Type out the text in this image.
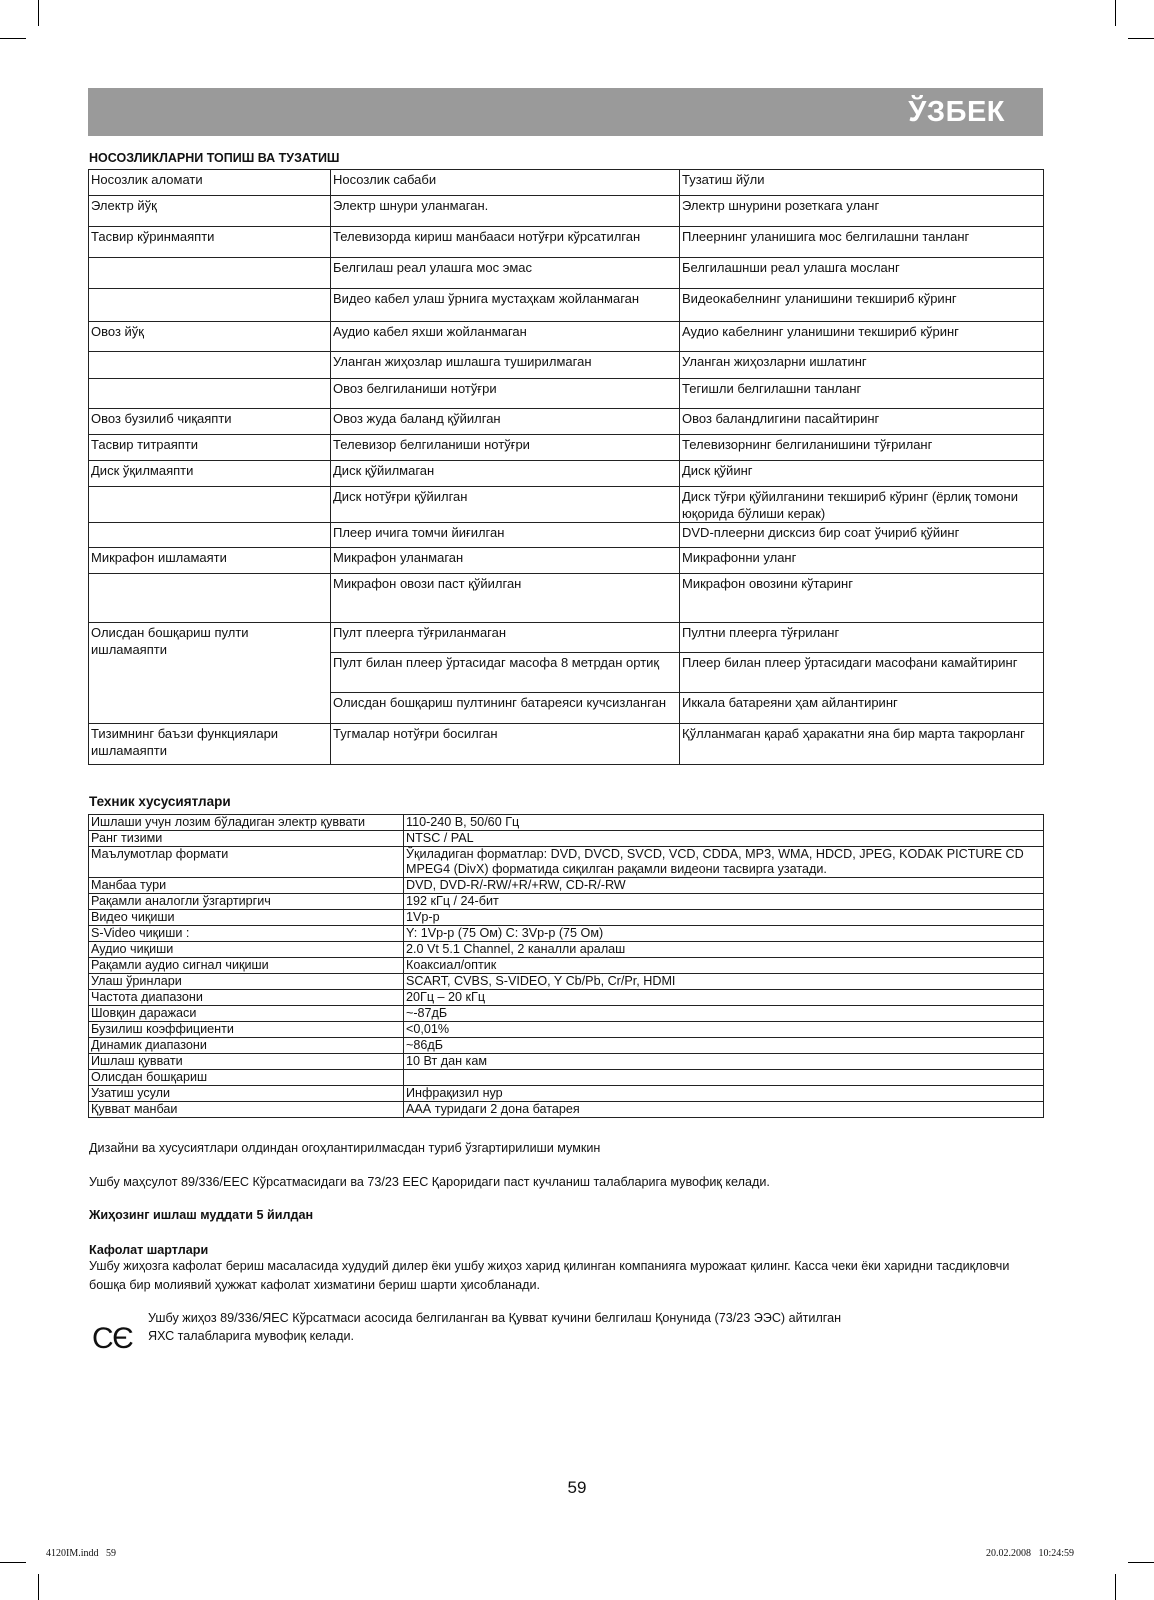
ЎЗБЕК
НОСОЗЛИКЛАРНИ ТОПИШ ВА ТУЗАТИШ
Носозлик аломати	Носозлик сабаби	Тузатиш йўли
Электр йўқ	Электр шнури уланмаган.	Электр шнурини розеткага уланг
Тасвир кўринмаяпти	Телевизорда кириш манбааси нотўғри кўрсатилган	Плеернинг уланишига мос белгилашни танланг
	Белгилаш реал улашга мос эмас	Белгилашнши реал улашга мосланг
	Видео кабел улаш ўрнига мустаҳкам жойланмаган	Видеокабелнинг уланишини текшириб кўринг
Овоз йўқ	Аудио кабел яхши жойланмаган	Аудио кабелнинг уланишини текшириб кўринг
	Уланган жиҳозлар ишлашга туширилмаган	Уланган жиҳозларни ишлатинг
	Овоз белгиланиши нотўғри	Тегишли белгилашни танланг
Овоз бузилиб чиқаяпти	Овоз жуда баланд қўйилган	Овоз баландлигини пасайтиринг
Тасвир титраяпти	Телевизор белгиланиши нотўғри	Телевизорнинг белгиланишини тўғриланг
Диск ўқилмаяпти	Диск қўйилмаган	Диск қўйинг
	Диск нотўғри қўйилган	Диск тўғри қўйилганини текшириб кўринг (ёрлиқ томони юқорида бўлиши керак)
	Плеер ичига томчи йиғилган	DVD-плеерни дисксиз бир соат ўчириб қўйинг
Микрафон ишламаяти	Микрафон уланмаган	Микрафонни уланг
	Микрафон овози паст қўйилган	Микрафон овозини кўтаринг
Олисдан бошқариш пулти ишламаяпти	Пулт плеерга тўғриланмаган	Пултни плеерга тўғриланг
	Пулт билан плеер ўртасидаг масофа 8 метрдан ортиқ	Плеер билан плеер ўртасидаги масофани камайтиринг
	Олисдан бошқариш пултининг батареяси кучсизланган	Иккала батареяни ҳам айлантиринг
Тизимнинг баъзи функциялари ишламаяпти	Тугмалар нотўғри босилган	Қўлланмаган қараб ҳаракатни яна бир марта такрорланг
Техник хусусиятлари
Ишлаши учун лозим бўладиган электр қуввати	110-240 В, 50/60 Гц
Ранг тизими	NTSC / PAL
Маълумотлар формати	Ўқиладиган форматлар: DVD, DVCD, SVCD, VCD, CDDA, MP3, WMA, HDCD, JPEG, KODAK PICTURE CD
MPEG4 (DivX) форматида сиқилган рақамли видеони тасвирга узатади.
Манбаа тури	DVD, DVD-R/-RW/+R/+RW, CD-R/-RW
Рақамли аналогли ўзгартиргич	192 кГц / 24-бит
Видео чиқиши	1Vp-p
S-Video чиқиши :	Y: 1Vp-p (75 Ом) C: 3Vp-p (75 Ом)
Аудио чиқиши	2.0 Vt 5.1 Channel, 2 каналли аралаш
Рақамли аудио сигнал чиқиши	Коаксиал/оптик
Улаш ўринлари	SCART, CVBS, S-VIDEO, Y Cb/Pb, Cr/Pr, HDMI
Частота диапазони	20Гц – 20 кГц
Шовқин даражаси	~-87дБ
Бузилиш коэффициенти	<0,01%
Динамик диапазони	~86дБ
Ишлаш қуввати	10 Вт дан кам
Олисдан бошқариш	
Узатиш усули	Инфрақизил нур
Қувват манбаи	ААА туридаги 2 дона батарея
Дизайни ва хусусиятлари олдиндан огоҳлантирилмасдан туриб ўзгартирилиши мумкин
Ушбу маҳсулот 89/336/EEC Кўрсатмасидаги ва 73/23 EEC Қароридаги паст кучланиш талабларига мувофиқ келади.
Жиҳозинг ишлаш муддати 5 йилдан
Кафолат шартлари
Ушбу жиҳозга кафолат бериш масаласида худудий дилер ёки ушбу жиҳоз харид қилинган компанияга мурожаат қилинг. Касса чеки ёки харидни тасдиқловчи бошқа бир молиявий ҳужжат кафолат хизматини бериш шарти ҳисобланади.
C Є
Ушбу жиҳоз 89/336/ЯЕС Кўрсатмаси асосида белгиланган ва Қувват кучини белгилаш Қонунида (73/23 ЭЭС) айтилган
ЯХС талабларига мувофиқ келади.
59
4120IM.indd   59	20.02.2008   10:24:59
